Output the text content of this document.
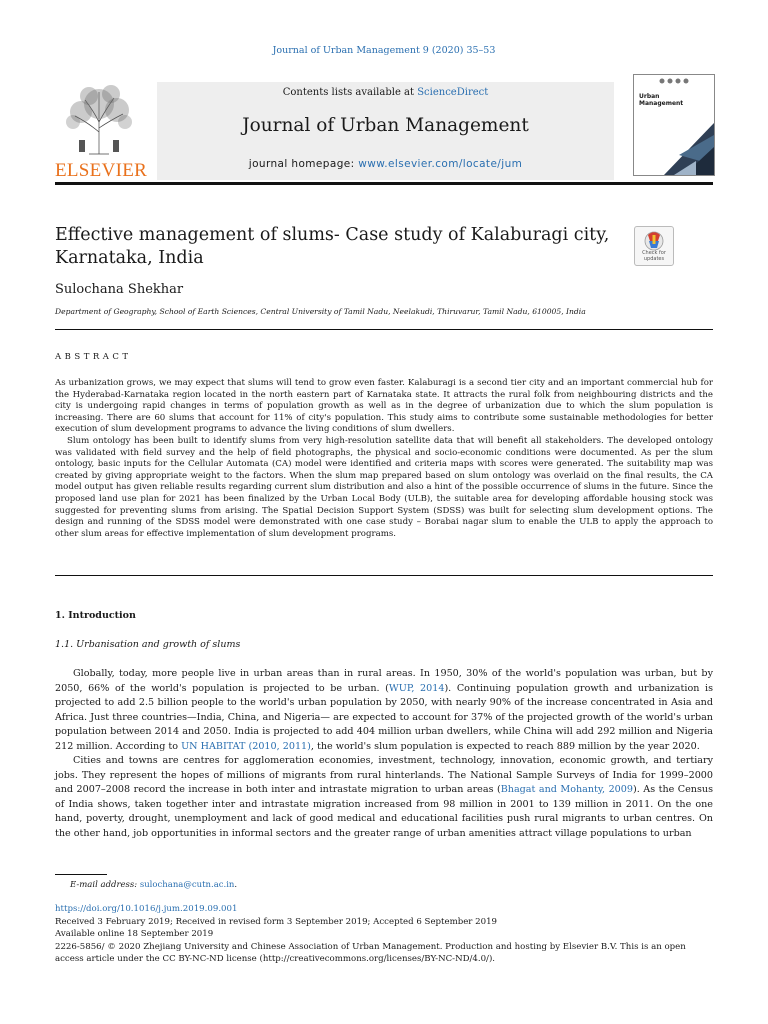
Journal of Urban Management 9 (2020) 35–53
ELSEVIER
Contents lists available at ScienceDirect
Journal of Urban Management
journal homepage: www.elsevier.com/locate/jum
Urban
Management
Effective management of slums- Case study of Kalaburagi city,
Karnataka, India	Check for updates
Sulochana Shekhar
Department of Geography, School of Earth Sciences, Central University of Tamil Nadu, Neelakudi, Thiruvarur, Tamil Nadu, 610005, India
ABSTRACT

As urbanization grows, we may expect that slums will tend to grow even faster. Kalaburagi is a second tier city and an important commercial hub for the Hyderabad-Karnataka region located in the north eastern part of Karnataka state. It attracts the rural folk from neighbouring districts and the city is undergoing rapid changes in terms of population growth as well as in the degree of urbanization due to which the slum population is increasing. There are 60 slums that account for 11% of city's population. This study aims to contribute some sustainable methodologies for better execution of slum development programs to advance the living conditions of slum dwellers.

Slum ontology has been built to identify slums from very high-resolution satellite data that will benefit all stakeholders. The developed ontology was validated with field survey and the help of field photographs, the physical and socio-economic conditions were documented. As per the slum ontology, basic inputs for the Cellular Automata (CA) model were identified and criteria maps with scores were generated. The suitability map was created by giving appropriate weight to the factors. When the slum map prepared based on slum ontology was overlaid on the final results, the CA model output has given reliable results regarding current slum distribution and also a hint of the possible occurrence of slums in the future. Since the proposed land use plan for 2021 has been finalized by the Urban Local Body (ULB), the suitable area for developing affordable housing stock was suggested for preventing slums from arising. The Spatial Decision Support System (SDSS) was built for selecting slum development options. The design and running of the SDSS model were demonstrated with one case study – Borabai nagar slum to enable the ULB to apply the approach to other slum areas for effective implementation of slum development programs.

1. Introduction
1.1. Urbanisation and growth of slums

Globally, today, more people live in urban areas than in rural areas. In 1950, 30% of the world's population was urban, but by 2050, 66% of the world's population is projected to be urban. (WUP, 2014). Continuing population growth and urbanization is projected to add 2.5 billion people to the world's urban population by 2050, with nearly 90% of the increase concentrated in Asia and Africa. Just three countries—India, China, and Nigeria— are expected to account for 37% of the projected growth of the world's urban population between 2014 and 2050. India is projected to add 404 million urban dwellers, while China will add 292 million and Nigeria 212 million. According to UN HABITAT (2010, 2011), the world's slum population is expected to reach 889 million by the year 2020.

Cities and towns are centres for agglomeration economies, investment, technology, innovation, economic growth, and tertiary jobs. They represent the hopes of millions of migrants from rural hinterlands. The National Sample Surveys of India for 1999–2000 and 2007–2008 record the increase in both inter and intrastate migration to urban areas (Bhagat and Mohanty, 2009). As the Census of India shows, taken together inter and intrastate migration increased from 98 million in 2001 to 139 million in 2011. On the one hand, poverty, drought, unemployment and lack of good medical and educational facilities push rural migrants to urban centres. On the other hand, job opportunities in informal sectors and the greater range of urban amenities attract village populations to urban

E-mail address: sulochana@cutn.ac.in.
https://doi.org/10.1016/j.jum.2019.09.001
Received 3 February 2019; Received in revised form 3 September 2019; Accepted 6 September 2019
Available online 18 September 2019
2226-5856/ © 2020 Zhejiang University and Chinese Association of Urban Management. Production and hosting by Elsevier B.V. This is an open access article under the CC BY-NC-ND license (http://creativecommons.org/licenses/BY-NC-ND/4.0/).
